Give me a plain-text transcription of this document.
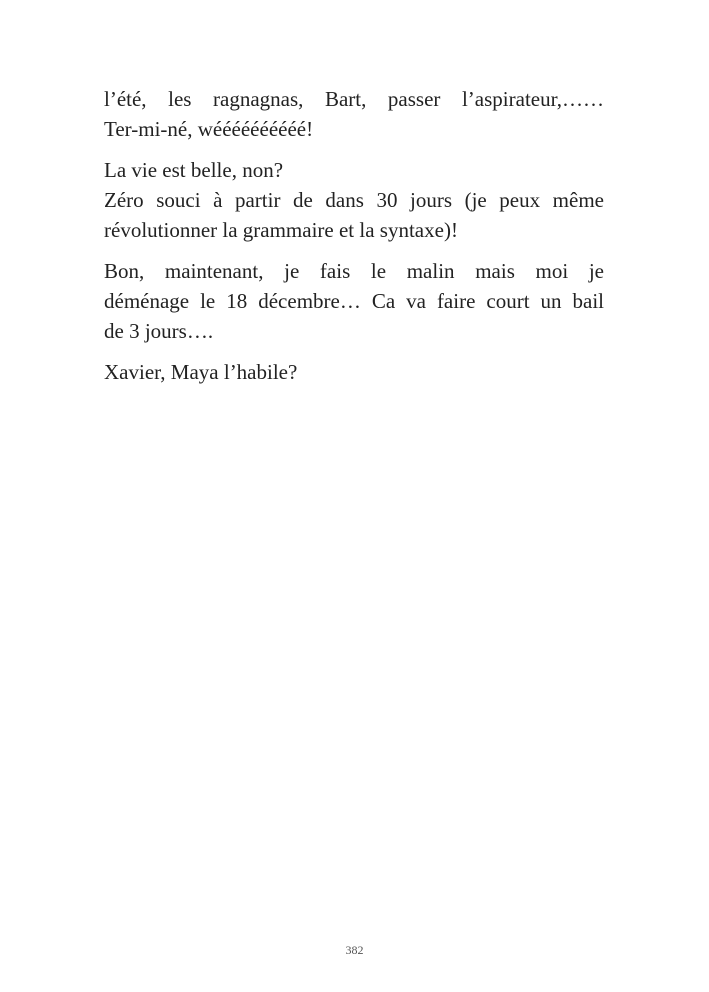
l’été, les ragnagnas, Bart, passer l’aspirateur,……
Ter-mi-né, wéééééééééé!

La vie est belle, non?
Zéro souci à partir de dans 30 jours (je peux même
révolutionner la grammaire et la syntaxe)!

Bon, maintenant, je fais le malin mais moi je
déménage le 18 décembre… Ca va faire court un bail
de 3 jours….

Xavier, Maya l’habile?

382
